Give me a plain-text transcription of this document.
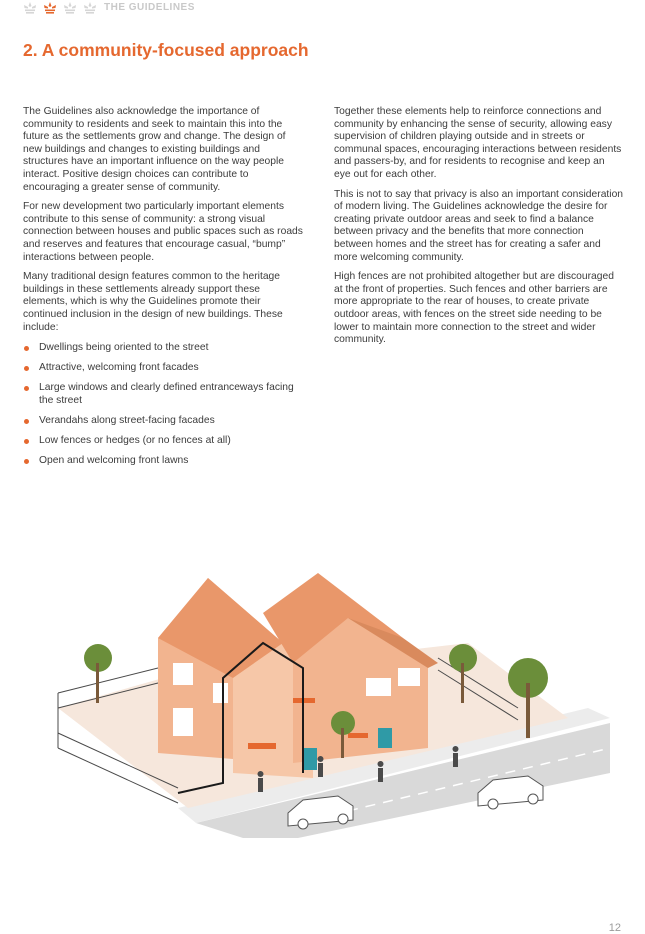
THE GUIDELINES
2. A community-focused approach

The Guidelines also acknowledge the importance of community to residents and seek to maintain this into the future as the settlements grow and change. The design of new buildings and changes to existing buildings and structures have an important influence on the way people interact. Positive design choices can contribute to encouraging a greater sense of community.

For new development two particularly important elements contribute to this sense of community: a strong visual connection between houses and public spaces such as roads and reserves and features that encourage casual, “bump” interactions between people.

Many traditional design features common to the heritage buildings in these settlements already support these elements, which is why the Guidelines promote their continued inclusion in the design of new buildings. These include:

Dwellings being oriented to the street
Attractive, welcoming front facades
Large windows and clearly defined entranceways facing the street
Verandahs along street-facing facades
Low fences or hedges (or no fences at all)
Open and welcoming front lawns

Together these elements help to reinforce connections and community by enhancing the sense of security, allowing easy supervision of children playing outside and in streets or communal spaces, encouraging interactions between residents and passers-by, and for residents to recognise and keep an eye out for each other.

This is not to say that privacy is also an important consideration of modern living. The Guidelines acknowledge the desire for creating private outdoor areas and seek to find a balance between privacy and the benefits that more connection between homes and the street has for creating a safer and more welcoming community.

High fences are not prohibited altogether but are discouraged at the front of properties. Such fences and other barriers are more appropriate to the rear of houses, to create private outdoor areas, with fences on the street side needing to be lower to maintain more connection to the street and wider community.

12
